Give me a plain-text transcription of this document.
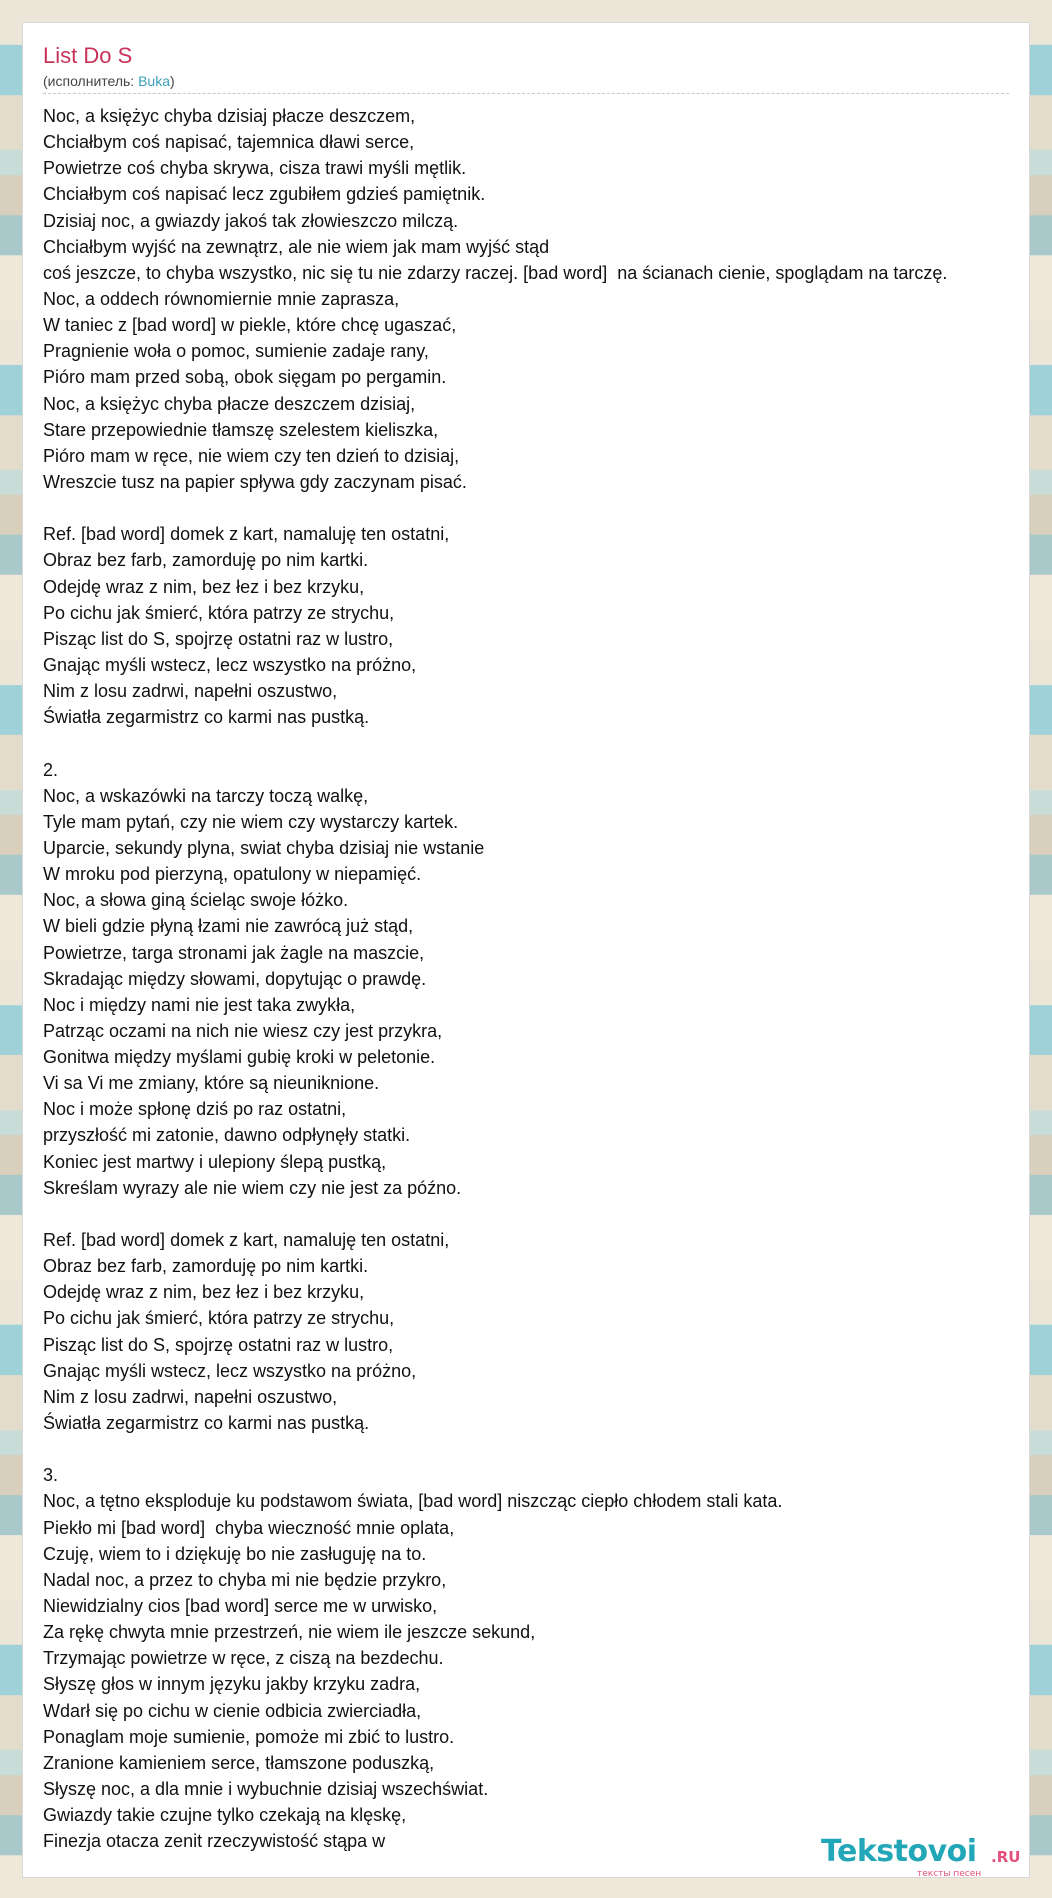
List Do S
(исполнитель: Buka)
Noc, a księżyc chyba dzisiaj płacze deszczem,
Chciałbym coś napisać, tajemnica dławi serce,
Powietrze coś chyba skrywa, cisza trawi myśli mętlik.
Chciałbym coś napisać lecz zgubiłem gdzieś pamiętnik.
Dzisiaj noc, a gwiazdy jakoś tak złowieszczo milczą.
Chciałbym wyjść na zewnątrz, ale nie wiem jak mam wyjść stąd
coś jeszcze, to chyba wszystko, nic się tu nie zdarzy raczej. [bad word]  na ścianach cienie, spoglądam na tarczę.
Noc, a oddech równomiernie mnie zaprasza,
W taniec z [bad word] w piekle, które chcę ugaszać,
Pragnienie woła o pomoc, sumienie zadaje rany,
Pióro mam przed sobą, obok sięgam po pergamin.
Noc, a księżyc chyba płacze deszczem dzisiaj,
Stare przepowiednie tłamszę szelestem kieliszka,
Pióro mam w ręce, nie wiem czy ten dzień to dzisiaj,
Wreszcie tusz na papier spływa gdy zaczynam pisać.
Ref. [bad word] domek z kart, namaluję ten ostatni,
Obraz bez farb, zamorduję po nim kartki.
Odejdę wraz z nim, bez łez i bez krzyku,
Po cichu jak śmierć, która patrzy ze strychu,
Pisząc list do S, spojrzę ostatni raz w lustro,
Gnając myśli wstecz, lecz wszystko na próżno,
Nim z losu zadrwi, napełni oszustwo,
Światła zegarmistrz co karmi nas pustką.
2.
Noc, a wskazówki na tarczy toczą walkę,
Tyle mam pytań, czy nie wiem czy wystarczy kartek.
Uparcie, sekundy plyna, swiat chyba dzisiaj nie wstanie
W mroku pod pierzyną, opatulony w niepamięć.
Noc, a słowa giną ścieląc swoje łóżko.
W bieli gdzie płyną łzami nie zawrócą już stąd,
Powietrze, targa stronami jak żagle na maszcie,
Skradając między słowami, dopytując o prawdę.
Noc i między nami nie jest taka zwykła,
Patrząc oczami na nich nie wiesz czy jest przykra,
Gonitwa między myślami gubię kroki w peletonie.
Vi sa Vi me zmiany, które są nieuniknione.
Noc i może spłonę dziś po raz ostatni,
przyszłość mi zatonie, dawno odpłynęły statki.
Koniec jest martwy i ulepiony ślepą pustką,
Skreślam wyrazy ale nie wiem czy nie jest za późno.
Ref. [bad word] domek z kart, namaluję ten ostatni,
Obraz bez farb, zamorduję po nim kartki.
Odejdę wraz z nim, bez łez i bez krzyku,
Po cichu jak śmierć, która patrzy ze strychu,
Pisząc list do S, spojrzę ostatni raz w lustro,
Gnając myśli wstecz, lecz wszystko na próżno,
Nim z losu zadrwi, napełni oszustwo,
Światła zegarmistrz co karmi nas pustką.
3.
Noc, a tętno eksploduje ku podstawom świata, [bad word] niszcząc ciepło chłodem stali kata.
Piekło mi [bad word]  chyba wieczność mnie oplata,
Czuję, wiem to i dziękuję bo nie zasługuję na to.
Nadal noc, a przez to chyba mi nie będzie przykro,
Niewidzialny cios [bad word] serce me w urwisko,
Za rękę chwyta mnie przestrzeń, nie wiem ile jeszcze sekund,
Trzymając powietrze w ręce, z ciszą na bezdechu.
Słyszę głos w innym języku jakby krzyku zadra,
Wdarł się po cichu w cienie odbicia zwierciadła,
Ponaglam moje sumienie, pomoże mi zbić to lustro.
Zranione kamieniem serce, tłamszone poduszką,
Słyszę noc, a dla mnie i wybuchnie dzisiaj wszechświat.
Gwiazdy takie czujne tylko czekają na klęskę,
Finezja otacza zenit rzeczywistość stąpa w	Tekstovoi .RU
тексты песен
